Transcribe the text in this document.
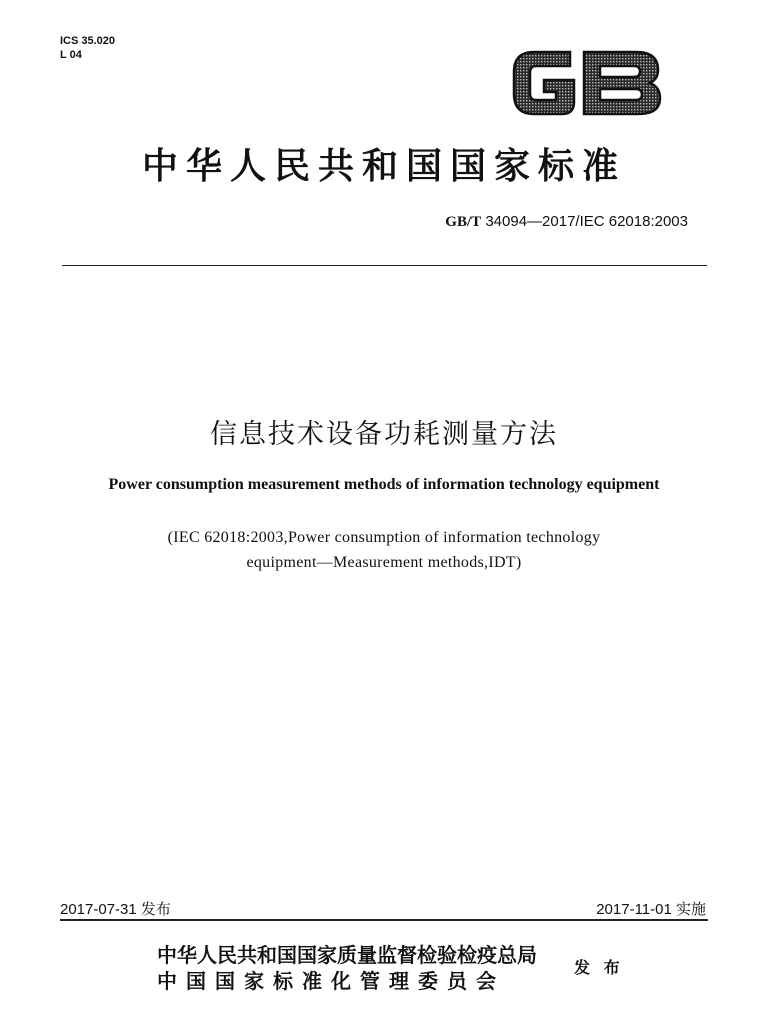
ICS 35.020
L 04
中华人民共和国国家标准
GB/T 34094—2017/IEC 62018:2003
信息技术设备功耗测量方法
Power consumption measurement methods of information technology equipment
(IEC 62018:2003,Power consumption of information technology
equipment—Measurement methods,IDT)
2017-07-31 发布	2017-11-01 实施
中华人民共和国国家质量监督检验检疫总局
中国国家标准化管理委员会
发 布
